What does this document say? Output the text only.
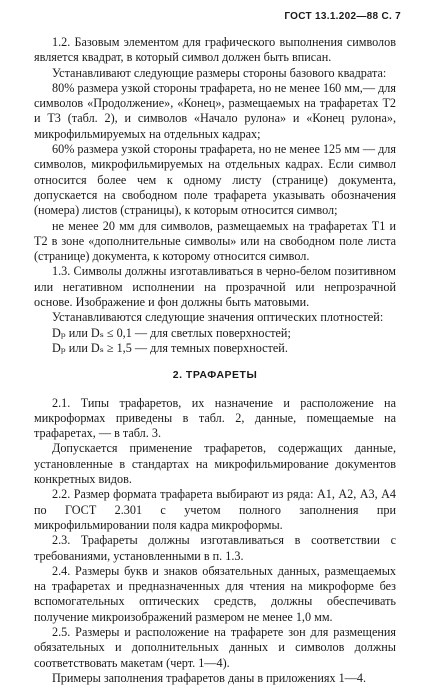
ГОСТ 13.1.202—88 С. 7

1.2. Базовым элементом для графического выполнения символов является квадрат, в который символ должен быть вписан.

Устанавливают следующие размеры стороны базового квадрата:

80% размера узкой стороны трафарета, но не менее 160 мм,— для символов «Продолжение», «Конец», размещаемых на трафаретах Т2 и Т3 (табл. 2), и символов «Начало рулона» и «Конец рулона», микрофильмируемых на отдельных кадрах;

60% размера узкой стороны трафарета, но не менее 125 мм — для символов, микрофильмируемых на отдельных кадрах. Если символ относится более чем к одному листу (странице) документа, допускается на свободном поле трафарета указывать обозначения (номера) листов (страницы), к которым относится символ;

не менее 20 мм для символов, размещаемых на трафаретах Т1 и Т2 в зоне «дополнительные символы» или на свободном поле листа (странице) документа, к которому относится символ.

1.3. Символы должны изготавливаться в черно-белом позитивном или негативном исполнении на прозрачной или непрозрачной основе. Изображение и фон должны быть матовыми.

Устанавливаются следующие значения оптических плотностей:

Dₚ или Dₛ ≤ 0,1 — для светлых поверхностей;

Dₚ или Dₛ ≥ 1,5 — для темных поверхностей.

2. ТРАФАРЕТЫ

2.1. Типы трафаретов, их назначение и расположение на микроформах приведены в табл. 2, данные, помещаемые на трафаретах, — в табл. 3.

Допускается применение трафаретов, содержащих данные, установленные в стандартах на микрофильмирование документов конкретных видов.

2.2. Размер формата трафарета выбирают из ряда: А1, А2, А3, А4 по ГОСТ 2.301 с учетом полного заполнения при микрофильмировании поля кадра микроформы.

2.3. Трафареты должны изготавливаться в соответствии с требованиями, установленными в п. 1.3.

2.4. Размеры букв и знаков обязательных данных, размещаемых на трафаретах и предназначенных для чтения на микроформе без вспомогательных оптических средств, должны обеспечивать получение микроизображений размером не менее 1,0 мм.

2.5. Размеры и расположение на трафарете зон для размещения обязательных и дополнительных данных и символов должны соответствовать макетам (черт. 1—4).

Примеры заполнения трафаретов даны в приложениях 1—4.
